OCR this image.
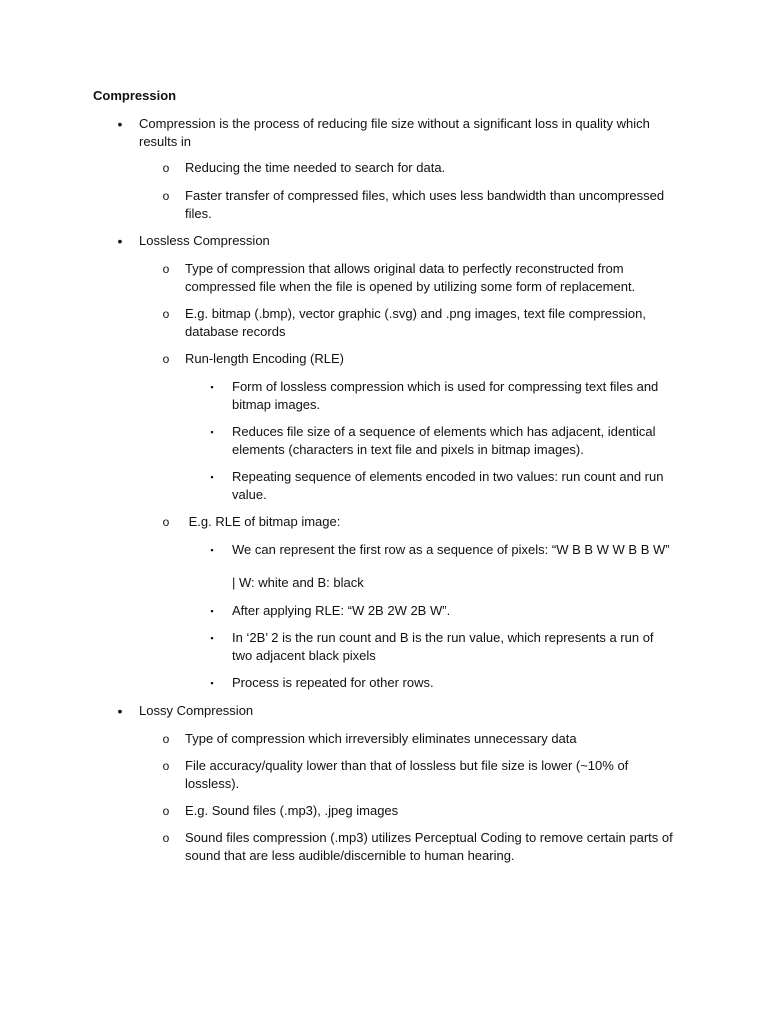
Compression
•	Compression is the process of reducing file size without a significant loss in quality which results in
o	Reducing the time needed to search for data.
o	Faster transfer of compressed files, which uses less bandwidth than uncompressed files.
•	Lossless Compression
o	Type of compression that allows original data to perfectly reconstructed from compressed file when the file is opened by utilizing some form of replacement.
o	E.g. bitmap (.bmp), vector graphic (.svg) and .png images, text file compression, database records
o	Run-length Encoding (RLE)
▪	Form of lossless compression which is used for compressing text files and bitmap images.
▪	Reduces file size of a sequence of elements which has adjacent, identical elements (characters in text file and pixels in bitmap images).
▪	Repeating sequence of elements encoded in two values: run count and run value.
o	E.g. RLE of bitmap image:
▪	We can represent the first row as a sequence of pixels: “W B B W W B B W”
| W: white and B: black
▪	After applying RLE: “W 2B 2W 2B W”.
▪	In ‘2B’ 2 is the run count and B is the run value, which represents a run of two adjacent black pixels
▪	Process is repeated for other rows.
•	Lossy Compression
o	Type of compression which irreversibly eliminates unnecessary data
o	File accuracy/quality lower than that of lossless but file size is lower (~10% of lossless).
o	E.g. Sound files (.mp3), .jpeg images
o	Sound files compression (.mp3) utilizes Perceptual Coding to remove certain parts of sound that are less audible/discernible to human hearing.
